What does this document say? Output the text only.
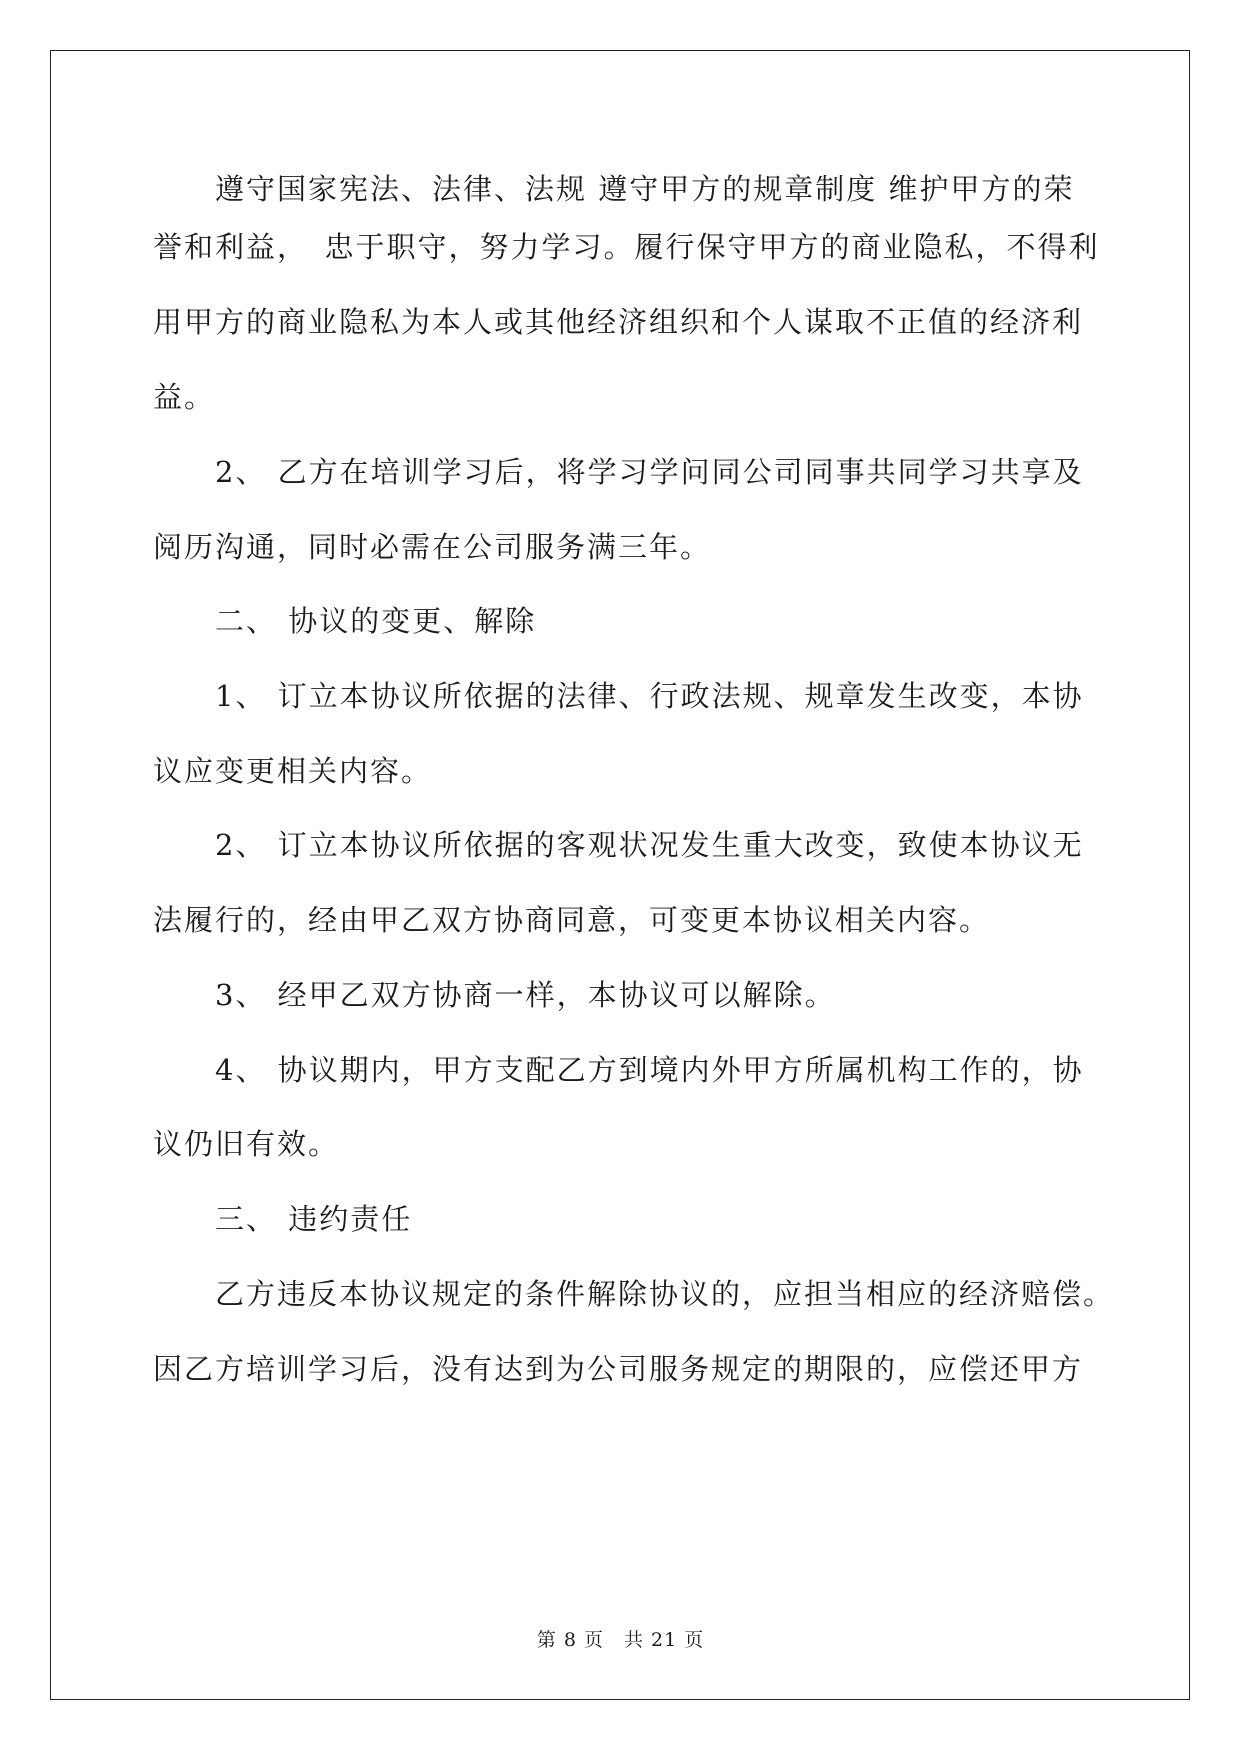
　　遵守国家宪法、法律、法规 遵守甲方的规章制度 维护甲方的荣
誉和利益，　忠于职守，努力学习。履行保守甲方的商业隐私，不得利
用甲方的商业隐私为本人或其他经济组织和个人谋取不正值的经济利
益。
　　2、 乙方在培训学习后，将学习学问同公司同事共同学习共享及
阅历沟通，同时必需在公司服务满三年。
　　二、 协议的变更、解除
　　1、 订立本协议所依据的法律、行政法规、规章发生改变，本协
议应变更相关内容。
　　2、 订立本协议所依据的客观状况发生重大改变，致使本协议无
法履行的，经由甲乙双方协商同意，可变更本协议相关内容。
　　3、 经甲乙双方协商一样，本协议可以解除。
　　4、 协议期内，甲方支配乙方到境内外甲方所属机构工作的，协
议仍旧有效。
　　三、 违约责任
　　乙方违反本协议规定的条件解除协议的，应担当相应的经济赔偿。
因乙方培训学习后，没有达到为公司服务规定的期限的，应偿还甲方
第 8 页 共 21 页
